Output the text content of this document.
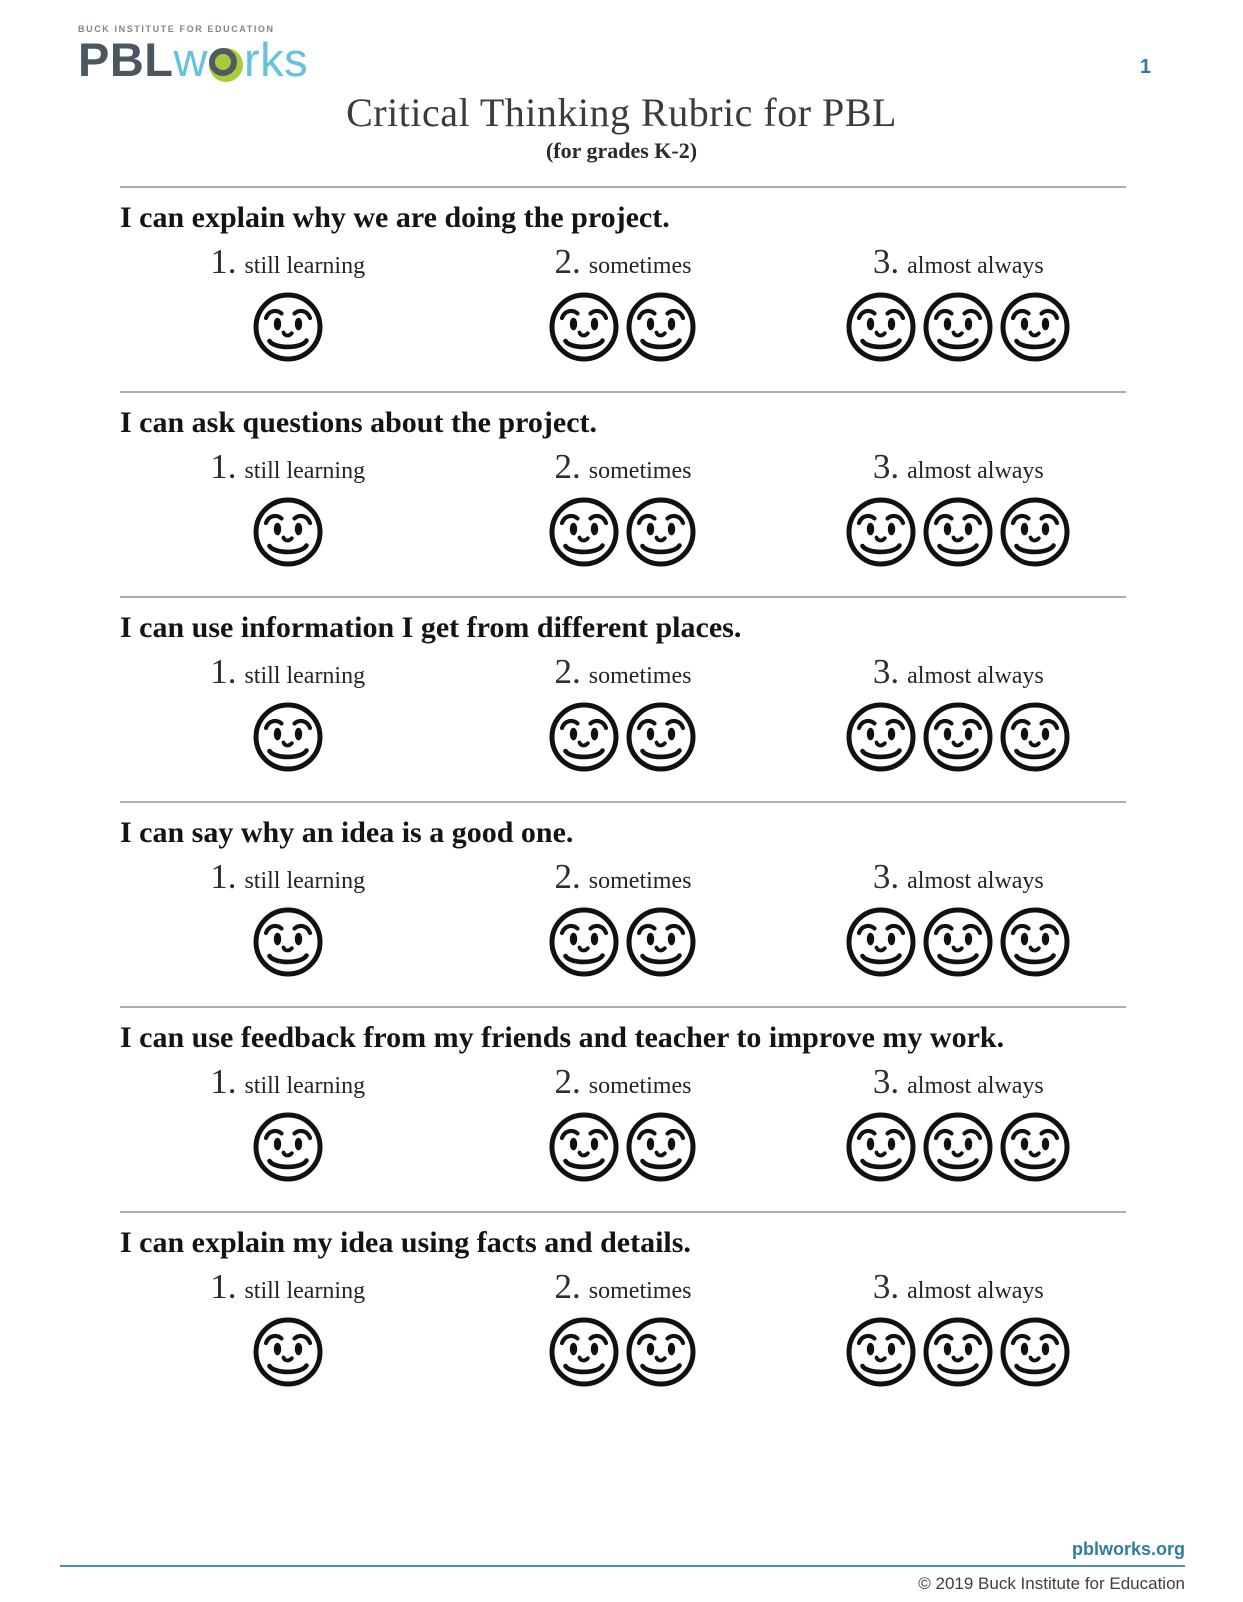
BUCK INSTITUTE FOR EDUCATION
PBL w rks	1
Critical Thinking Rubric for PBL
(for grades K-2)
I can explain why we are doing the project.
1. still learning	2. sometimes	3. almost always
I can ask questions about the project.
1. still learning	2. sometimes	3. almost always
I can use information I get from different places.
1. still learning	2. sometimes	3. almost always
I can say why an idea is a good one.
1. still learning	2. sometimes	3. almost always
I can use feedback from my friends and teacher to improve my work.
1. still learning	2. sometimes	3. almost always
I can explain my idea using facts and details.
1. still learning	2. sometimes	3. almost always
pblworks.org
© 2019 Buck Institute for Education
